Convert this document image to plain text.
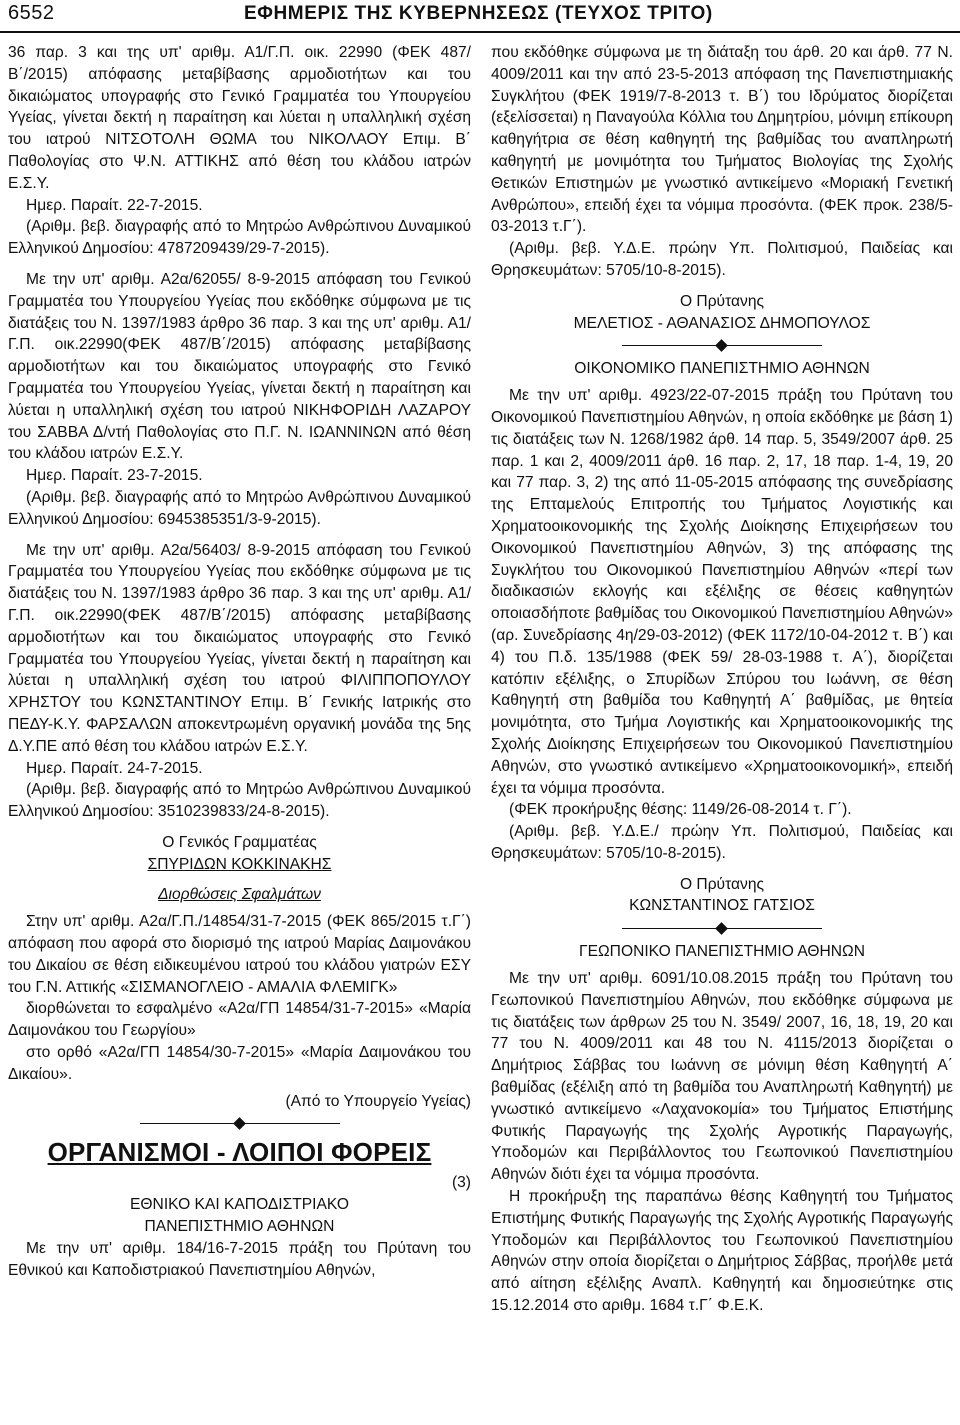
6552	ΕΦΗΜΕΡΙΣ ΤΗΣ ΚΥΒΕΡΝΗΣΕΩΣ (ΤΕΥΧΟΣ ΤΡΙΤΟ)

36 παρ. 3 και της υπ' αριθμ. Α1/Γ.Π. οικ. 22990 (ΦΕΚ 487/ Β΄/2015) απόφασης μεταβίβασης αρμοδιοτήτων και του δικαιώματος υπογραφής στο Γενικό Γραμματέα του Υπουργείου Υγείας, γίνεται δεκτή η παραίτηση και λύεται η υπαλληλική σχέση του ιατρού ΝΙΤΣΟΤΟΛΗ ΘΩΜΑ του ΝΙΚΟΛΑΟΥ Επιμ. Β΄ Παθολογίας στο Ψ.Ν. ΑΤΤΙΚΗΣ από θέση του κλάδου ιατρών Ε.Σ.Υ.

Ημερ. Παραίτ. 22-7-2015.

(Αριθμ. βεβ. διαγραφής από το Μητρώο Ανθρώπινου Δυναμικού Ελληνικού Δημοσίου: 4787209439/29-7-2015).

Με την υπ' αριθμ. Α2α/62055/ 8-9-2015 απόφαση του Γενικού Γραμματέα του Υπουργείου Υγείας που εκδόθηκε σύμφωνα με τις διατάξεις του Ν. 1397/1983 άρθρο 36 παρ. 3 και της υπ' αριθμ. Α1/Γ.Π. οικ.22990(ΦΕΚ 487/Β΄/2015) απόφασης μεταβίβασης αρμοδιοτήτων και του δικαιώματος υπογραφής στο Γενικό Γραμματέα του Υπουργείου Υγείας, γίνεται δεκτή η παραίτηση και λύεται η υπαλληλική σχέση του ιατρού ΝΙΚΗΦΟΡΙΔΗ ΛΑΖΑΡΟΥ του ΣΑΒΒΑ Δ/ντή Παθολογίας στο Π.Γ. Ν. ΙΩΑΝΝΙΝΩΝ από θέση του κλάδου ιατρών Ε.Σ.Υ.

Ημερ. Παραίτ. 23-7-2015.

(Αριθμ. βεβ. διαγραφής από το Μητρώο Ανθρώπινου Δυναμικού Ελληνικού Δημοσίου: 6945385351/3-9-2015).

Με την υπ' αριθμ. Α2α/56403/ 8-9-2015 απόφαση του Γενικού Γραμματέα του Υπουργείου Υγείας που εκδόθηκε σύμφωνα με τις διατάξεις του Ν. 1397/1983 άρθρο 36 παρ. 3 και της υπ' αριθμ. Α1/Γ.Π. οικ.22990(ΦΕΚ 487/Β΄/2015) απόφασης μεταβίβασης αρμοδιοτήτων και του δικαιώματος υπογραφής στο Γενικό Γραμματέα του Υπουργείου Υγείας, γίνεται δεκτή η παραίτηση και λύεται η υπαλληλική σχέση του ιατρού ΦΙΛΙΠΠΟΠΟΥΛΟΥ ΧΡΗΣΤΟΥ του ΚΩΝΣΤΑΝΤΙΝΟΥ Επιμ. Β΄ Γενικής Ιατρικής στο ΠΕΔΥ-Κ.Υ. ΦΑΡΣΑΛΩΝ αποκεντρωμένη οργανική μονάδα της 5ης Δ.Υ.ΠΕ από θέση του κλάδου ιατρών Ε.Σ.Υ.

Ημερ. Παραίτ. 24-7-2015.

(Αριθμ. βεβ. διαγραφής από το Μητρώο Ανθρώπινου Δυναμικού Ελληνικού Δημοσίου: 3510239833/24-8-2015).

Ο Γενικός Γραμματέας

ΣΠΥΡΙΔΩΝ ΚΟΚΚΙΝΑΚΗΣ

Διορθώσεις Σφαλμάτων

Στην υπ' αριθμ. Α2α/Γ.Π./14854/31-7-2015 (ΦΕΚ 865/2015 τ.Γ΄) απόφαση που αφορά στο διορισμό της ιατρού Μαρίας Δαιμονάκου του Δικαίου σε θέση ειδικευμένου ιατρού του κλάδου γιατρών ΕΣΥ του Γ.Ν. Αττικής «ΣΙΣΜΑΝΟΓΛΕΙΟ - ΑΜΑΛΙΑ ΦΛΕΜΙΓΚ»

διορθώνεται το εσφαλμένο «Α2α/ΓΠ 14854/31-7-2015» «Μαρία Δαιμονάκου του Γεωργίου»

στο ορθό «Α2α/ΓΠ 14854/30-7-2015» «Μαρία Δαιμονάκου του Δικαίου».

(Από το Υπουργείο Υγείας)

ΟΡΓΑΝΙΣΜΟΙ - ΛΟΙΠΟΙ ΦΟΡΕΙΣ

(3)

ΕΘΝΙΚΟ ΚΑΙ ΚΑΠΟΔΙΣΤΡΙΑΚΟ

ΠΑΝΕΠΙΣΤΗΜΙΟ ΑΘΗΝΩΝ

Με την υπ' αριθμ. 184/16-7-2015 πράξη του Πρύτανη του Εθνικού και Καποδιστριακού Πανεπιστημίου Αθηνών,

που εκδόθηκε σύμφωνα με τη διάταξη του άρθ. 20 και άρθ. 77 Ν. 4009/2011 και την από 23-5-2013 απόφαση της Πανεπιστημιακής Συγκλήτου (ΦΕΚ 1919/7-8-2013 τ. Β΄) του Ιδρύματος διορίζεται (εξελίσσεται) η Παναγούλα Κόλλια του Δημητρίου, μόνιμη επίκουρη καθηγήτρια σε θέση καθηγητή της βαθμίδας του αναπληρωτή καθηγητή με μονιμότητα του Τμήματος Βιολογίας της Σχολής Θετικών Επιστημών με γνωστικό αντικείμενο «Μοριακή Γενετική Ανθρώπου», επειδή έχει τα νόμιμα προσόντα. (ΦΕΚ προκ. 238/5-03-2013 τ.Γ΄).

(Αριθμ. βεβ. Υ.Δ.Ε. πρώην Υπ. Πολιτισμού, Παιδείας και Θρησκευμάτων: 5705/10-8-2015).

Ο Πρύτανης

ΜΕΛΕΤΙΟΣ - ΑΘΑΝΑΣΙΟΣ ΔΗΜΟΠΟΥΛΟΣ

ΟΙΚΟΝΟΜΙΚΟ ΠΑΝΕΠΙΣΤΗΜΙΟ ΑΘΗΝΩΝ

Με την υπ' αριθμ. 4923/22-07-2015 πράξη του Πρύτανη του Οικονομικού Πανεπιστημίου Αθηνών, η οποία εκδόθηκε με βάση 1) τις διατάξεις των Ν. 1268/1982 άρθ. 14 παρ. 5, 3549/2007 άρθ. 25 παρ. 1 και 2, 4009/2011 άρθ. 16 παρ. 2, 17, 18 παρ. 1-4, 19, 20 και 77 παρ. 3, 2) της από 11-05-2015 απόφασης της συνεδρίασης της Επταμελούς Επιτροπής του Τμήματος Λογιστικής και Χρηματοοικονομικής της Σχολής Διοίκησης Επιχειρήσεων του Οικονομικού Πανεπιστημίου Αθηνών, 3) της απόφασης της Συγκλήτου του Οικονομικού Πανεπιστημίου Αθηνών «περί των διαδικασιών εκλογής και εξέλιξης σε θέσεις καθηγητών οποιασδήποτε βαθμίδας του Οικονομικού Πανεπιστημίου Αθηνών» (αρ. Συνεδρίασης 4η/29-03-2012) (ΦΕΚ 1172/10-04-2012 τ. Β΄) και 4) του Π.δ. 135/1988 (ΦΕΚ 59/ 28-03-1988 τ. Α΄), διορίζεται κατόπιν εξέλιξης, ο Σπυρίδων Σπύρου του Ιωάννη, σε θέση Καθηγητή στη βαθμίδα του Καθηγητή Α΄ βαθμίδας, με θητεία μονιμότητα, στο Τμήμα Λογιστικής και Χρηματοοικονομικής της Σχολής Διοίκησης Επιχειρήσεων του Οικονομικού Πανεπιστημίου Αθηνών, στο γνωστικό αντικείμενο «Χρηματοοικονομική», επειδή έχει τα νόμιμα προσόντα.

(ΦΕΚ προκήρυξης θέσης: 1149/26-08-2014 τ. Γ΄).

(Αριθμ. βεβ. Υ.Δ.Ε./ πρώην Υπ. Πολιτισμού, Παιδείας και Θρησκευμάτων: 5705/10-8-2015).

Ο Πρύτανης

ΚΩΝΣΤΑΝΤΙΝΟΣ ΓΑΤΣΙΟΣ

ΓΕΩΠΟΝΙΚΟ ΠΑΝΕΠΙΣΤΗΜΙΟ ΑΘΗΝΩΝ

Με την υπ' αριθμ. 6091/10.08.2015 πράξη του Πρύτανη του Γεωπονικού Πανεπιστημίου Αθηνών, που εκδόθηκε σύμφωνα με τις διατάξεις των άρθρων 25 του Ν. 3549/ 2007, 16, 18, 19, 20 και 77 του Ν. 4009/2011 και 48 του Ν. 4115/2013 διορίζεται ο Δημήτριος Σάββας του Ιωάννη σε μόνιμη θέση Καθηγητή Α΄ βαθμίδας (εξέλιξη από τη βαθμίδα του Αναπληρωτή Καθηγητή) με γνωστικό αντικείμενο «Λαχανοκομία» του Τμήματος Επιστήμης Φυτικής Παραγωγής της Σχολής Αγροτικής Παραγωγής, Υποδομών και Περιβάλλοντος του Γεωπονικού Πανεπιστημίου Αθηνών διότι έχει τα νόμιμα προσόντα.

Η προκήρυξη της παραπάνω θέσης Καθηγητή του Τμήματος Επιστήμης Φυτικής Παραγωγής της Σχολής Αγροτικής Παραγωγής Υποδομών και Περιβάλλοντος του Γεωπονικού Πανεπιστημίου Αθηνών στην οποία διορίζεται ο Δημήτριος Σάββας, προήλθε μετά από αίτηση εξέλιξης Αναπλ. Καθηγητή και δημοσιεύτηκε στις 15.12.2014 στο αριθμ. 1684 τ.Γ΄ Φ.Ε.Κ.
